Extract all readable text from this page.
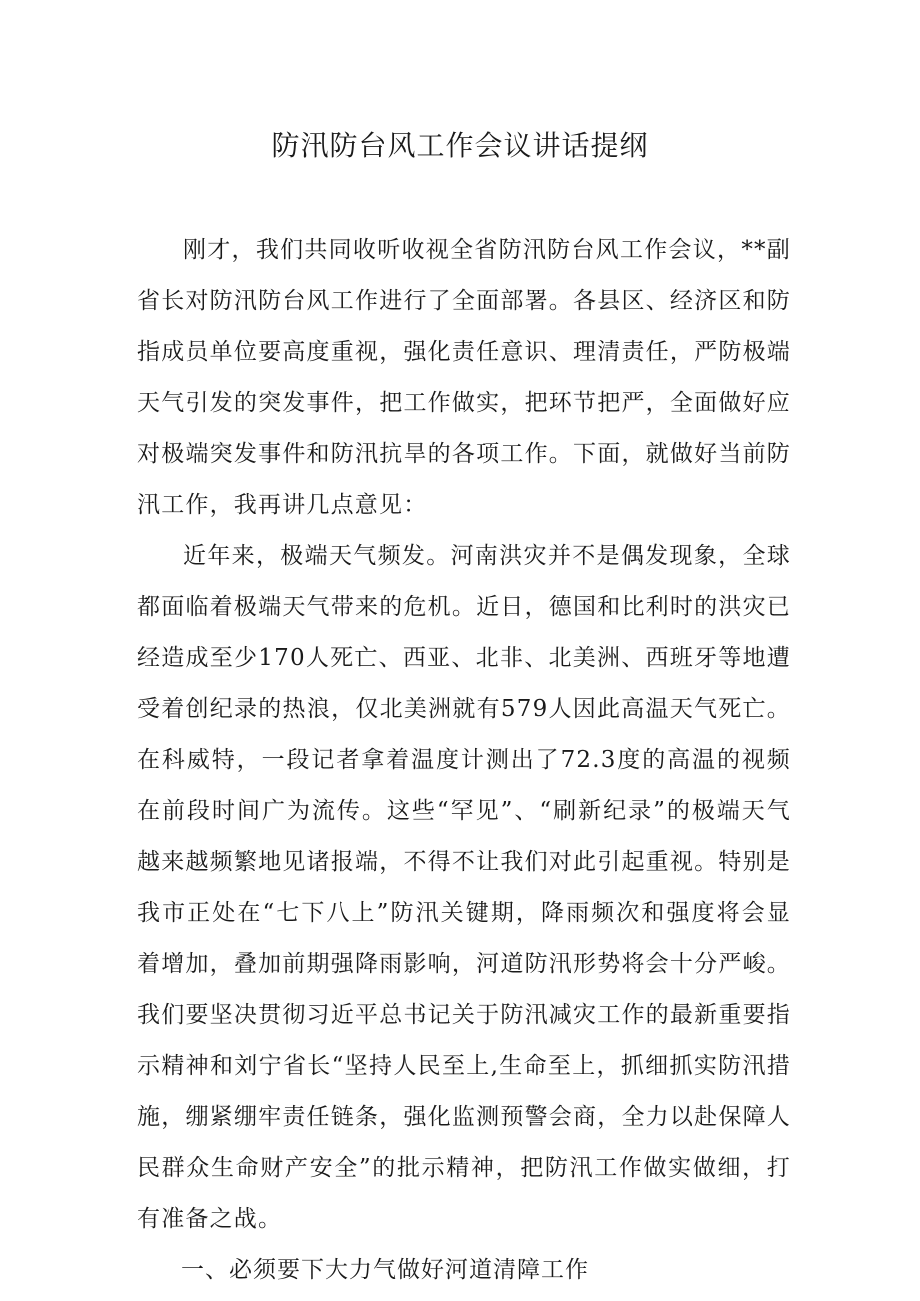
防汛防台风工作会议讲话提纲

刚才，我们共同收听收视全省防汛防台风工作会议，**副省长对防汛防台风工作进行了全面部署。各县区、经济区和防指成员单位要高度重视，强化责任意识、理清责任，严防极端天气引发的突发事件，把工作做实，把环节把严，全面做好应对极端突发事件和防汛抗旱的各项工作。下面，就做好当前防汛工作，我再讲几点意见：

近年来，极端天气频发。河南洪灾并不是偶发现象，全球都面临着极端天气带来的危机。近日，德国和比利时的洪灾已经造成至少170人死亡、西亚、北非、北美洲、西班牙等地遭受着创纪录的热浪，仅北美洲就有579人因此高温天气死亡。在科威特，一段记者拿着温度计测出了72.3度的高温的视频在前段时间广为流传。这些“罕见”、“刷新纪录”的极端天气越来越频繁地见诸报端，不得不让我们对此引起重视。特别是我市正处在“七下八上”防汛关键期，降雨频次和强度将会显着增加，叠加前期强降雨影响，河道防汛形势将会十分严峻。我们要坚决贯彻习近平总书记关于防汛减灾工作的最新重要指示精神和刘宁省长“坚持人民至上,生命至上，抓细抓实防汛措施，绷紧绷牢责任链条，强化监测预警会商，全力以赴保障人民群众生命财产安全”的批示精神，把防汛工作做实做细，打有准备之战。

一、必须要下大力气做好河道清障工作
